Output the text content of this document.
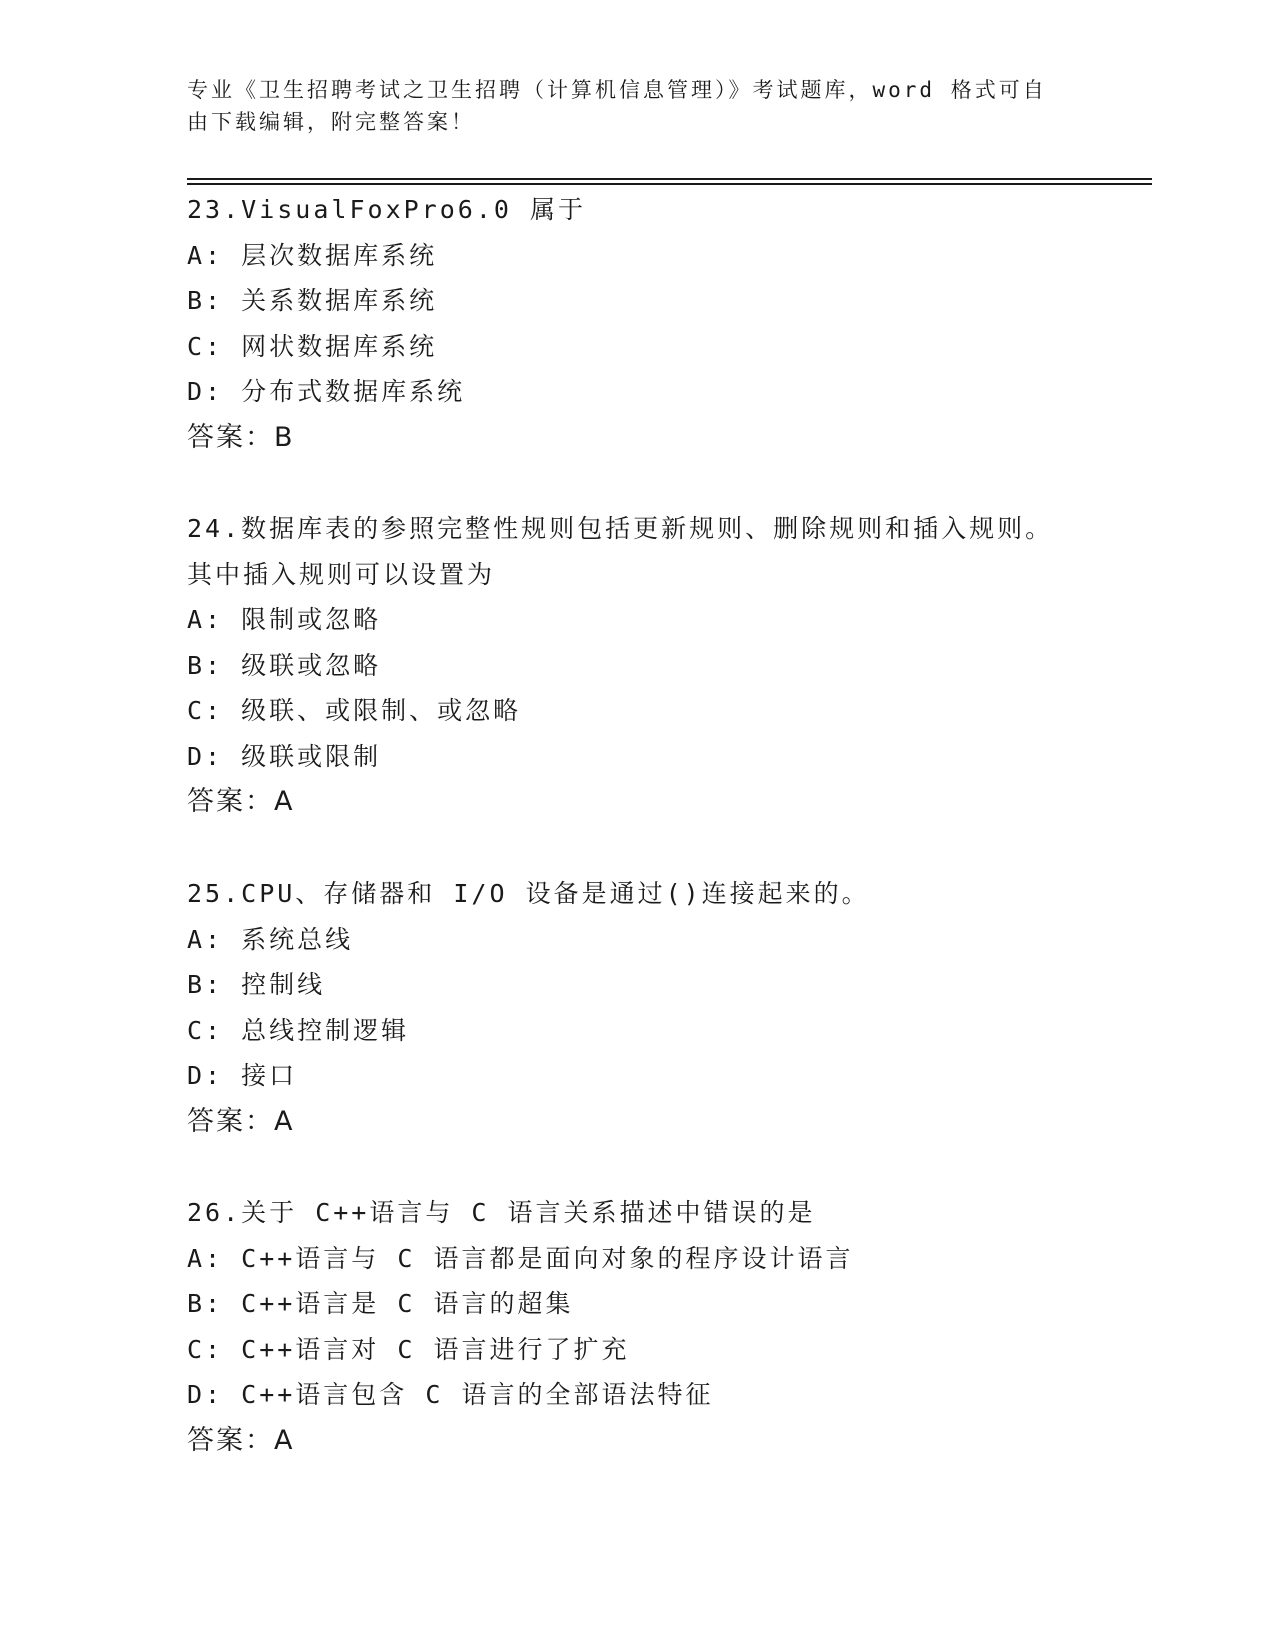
专业《卫生招聘考试之卫生招聘（计算机信息管理）》考试题库，word 格式可自
由下载编辑，附完整答案！
23.VisualFoxPro6.0 属于
A: 层次数据库系统
B: 关系数据库系统
C: 网状数据库系统
D: 分布式数据库系统
答案：B
24.数据库表的参照完整性规则包括更新规则、删除规则和插入规则。
其中插入规则可以设置为
A: 限制或忽略
B: 级联或忽略
C: 级联、或限制、或忽略
D: 级联或限制
答案：A
25.CPU、存储器和 I/O 设备是通过()连接起来的。
A: 系统总线
B: 控制线
C: 总线控制逻辑
D: 接口
答案：A
26.关于 C++语言与 C 语言关系描述中错误的是
A: C++语言与 C 语言都是面向对象的程序设计语言
B: C++语言是 C 语言的超集
C: C++语言对 C 语言进行了扩充
D: C++语言包含 C 语言的全部语法特征
答案：A
